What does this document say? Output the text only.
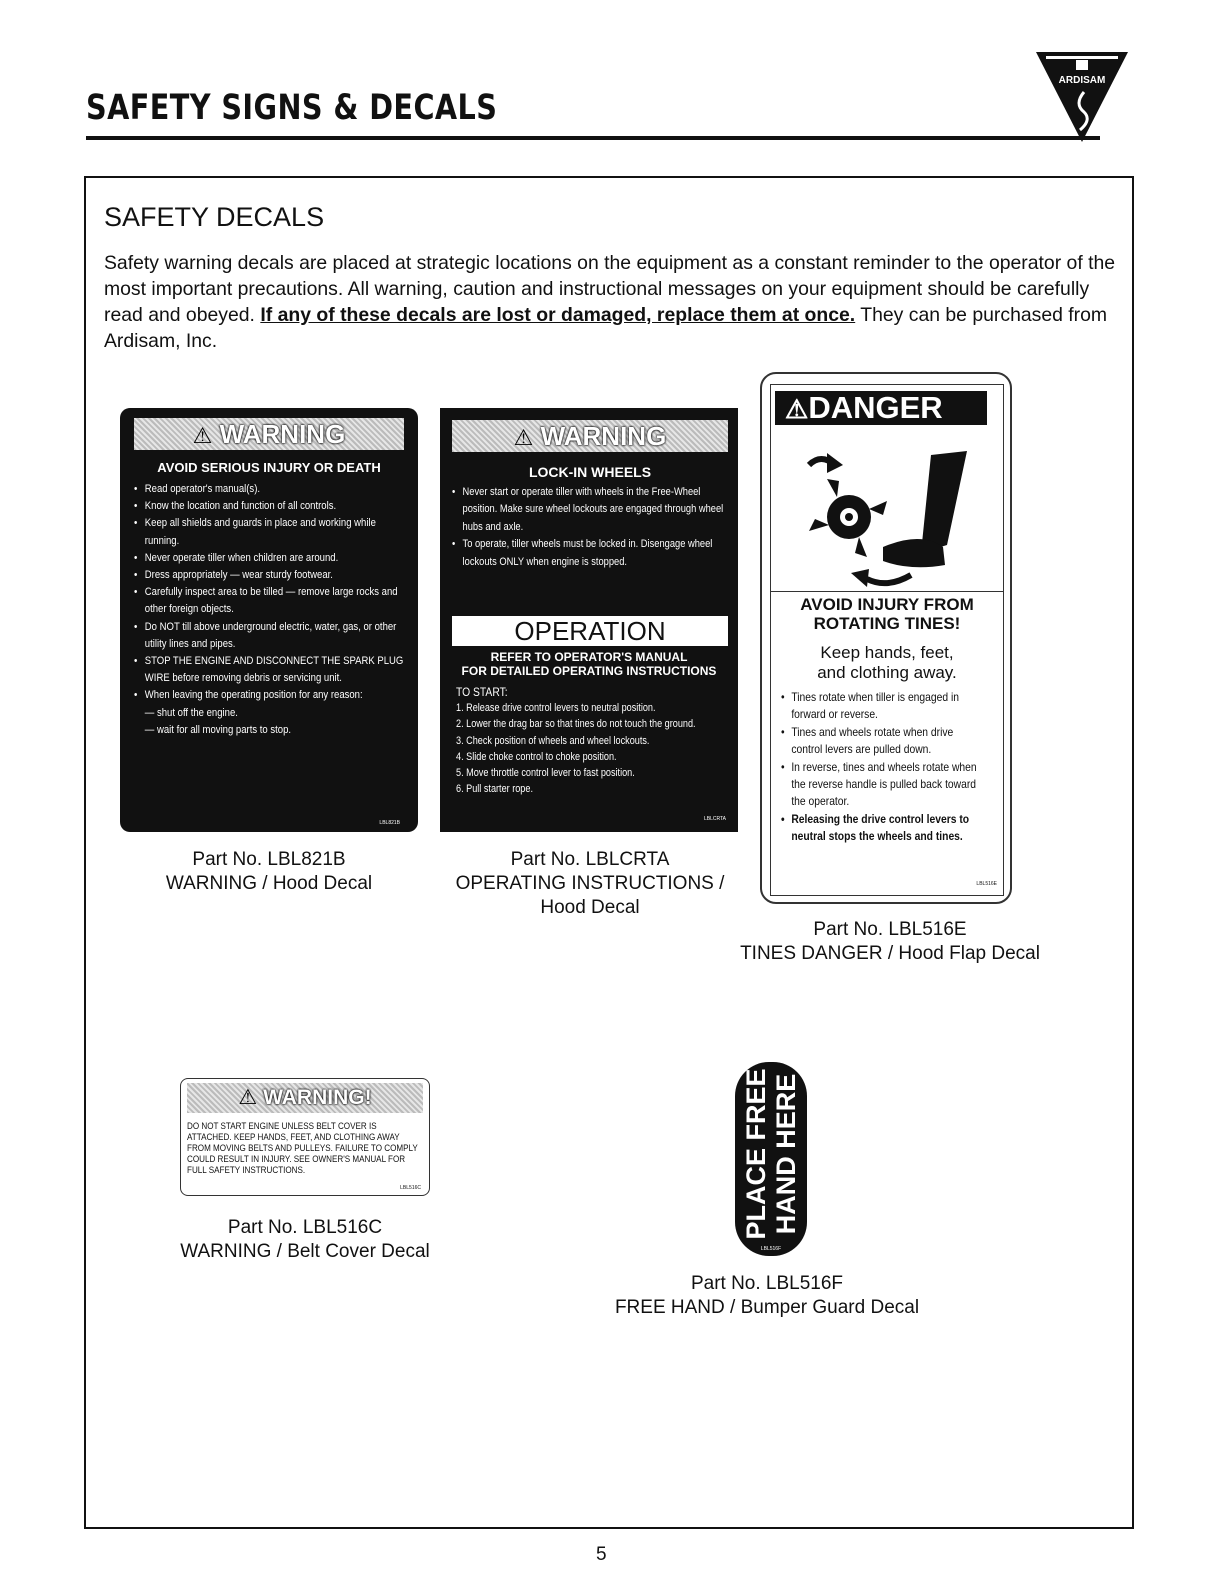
SAFETY SIGNS & DECALS
ARDISAM
SAFETY DECALS
Safety warning decals are placed at strategic locations on the equipment as a constant reminder to the operator of the most important precautions. All warning, caution and instructional messages on your equipment should be carefully read and obeyed. If any of these decals are lost or damaged, replace them at once. They can be purchased from Ardisam, Inc.
⚠ WARNING
AVOID SERIOUS INJURY OR DEATH
• Read operator's manual(s).
• Know the location and function of all controls.
• Keep all shields and guards in place and working while running.
• Never operate tiller when children are around.
• Dress appropriately — wear sturdy footwear.
• Carefully inspect area to be tilled — remove large rocks and other foreign objects.
• Do NOT till above underground electric, water, gas, or other utility lines and pipes.
• STOP THE ENGINE AND DISCONNECT THE SPARK PLUG WIRE before removing debris or servicing unit.
• When leaving the operating position for any reason:
— shut off the engine.
— wait for all moving parts to stop.
LBL821B
Part No. LBL821B
WARNING / Hood Decal
⚠ WARNING
LOCK-IN WHEELS
• Never start or operate tiller with wheels in the Free-Wheel position. Make sure wheel lockouts are engaged through wheel hubs and axle.
• To operate, tiller wheels must be locked in. Disengage wheel lockouts ONLY when engine is stopped.
OPERATION
REFER TO OPERATOR'S MANUAL
FOR DETAILED OPERATING INSTRUCTIONS
TO START:
1. Release drive control levers to neutral position.
2. Lower the drag bar so that tines do not touch the ground.
3. Check position of wheels and wheel lockouts.
4. Slide choke control to choke position.
5. Move throttle control lever to fast position.
6. Pull starter rope.
LBLCRTA
Part No. LBLCRTA
OPERATING INSTRUCTIONS /
Hood Decal
⚠DANGER
AVOID INJURY FROM
ROTATING TINES!
Keep hands, feet,
and clothing away.
• Tines rotate when tiller is engaged in forward or reverse.
• Tines and wheels rotate when drive control levers are pulled down.
• In reverse, tines and wheels rotate when the reverse handle is pulled back toward the operator.
• Releasing the drive control levers to neutral stops the wheels and tines.
LBL516E
Part No. LBL516E
TINES DANGER / Hood Flap Decal
⚠ WARNING!
DO NOT START ENGINE UNLESS BELT COVER IS ATTACHED. KEEP HANDS, FEET, AND CLOTHING AWAY FROM MOVING BELTS AND PULLEYS. FAILURE TO COMPLY COULD RESULT IN INJURY. SEE OWNER'S MANUAL FOR FULL SAFETY INSTRUCTIONS.
LBL516C
Part No. LBL516C
WARNING / Belt Cover Decal
PLACE FREE HAND HERE
LBL516F
Part No. LBL516F
FREE HAND / Bumper Guard Decal
5
